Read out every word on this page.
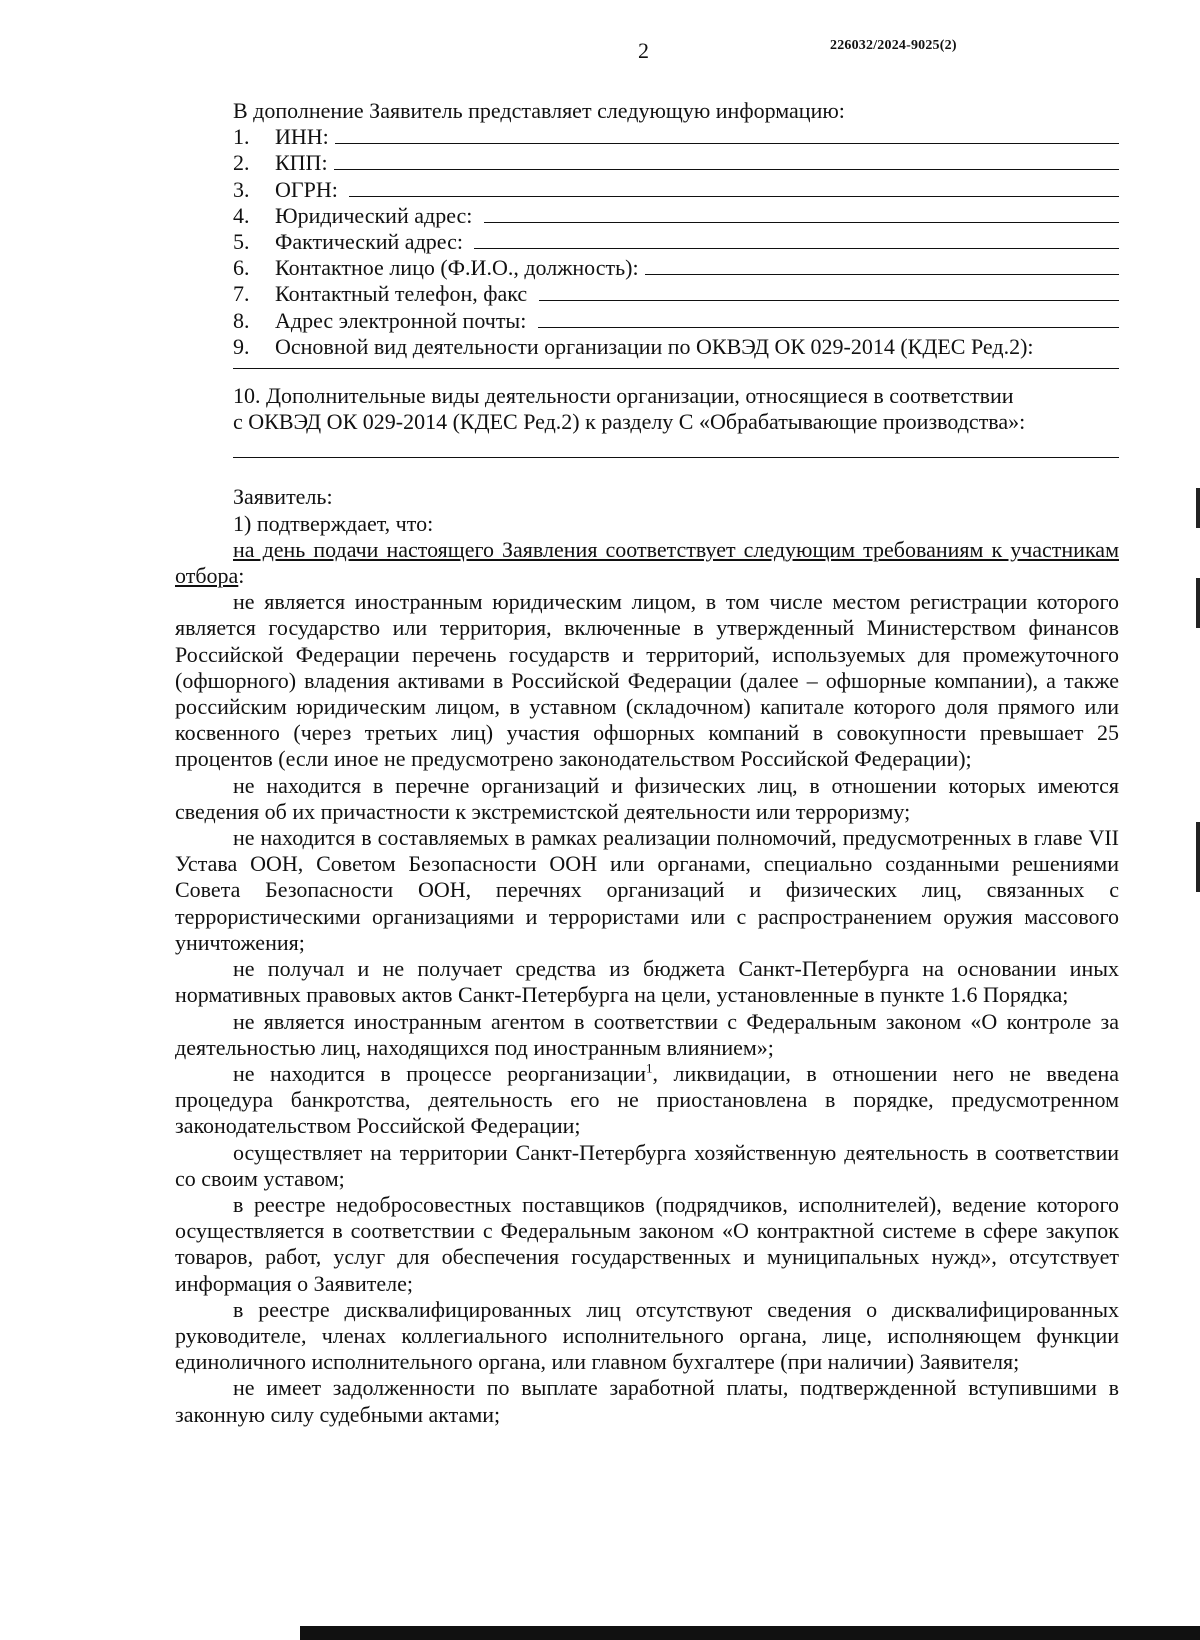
2	226032/2024-9025(2)
В дополнение Заявитель представляет следующую информацию:
1.	ИНН:
2.	КПП:
3.	ОГРН:
4.	Юридический адрес:
5.	Фактический адрес:
6.	Контактное лицо (Ф.И.О., должность):
7.	Контактный телефон, факс
8.	Адрес электронной почты:
9.	Основной вид деятельности организации по ОКВЭД ОК 029-2014 (КДЕС Ред.2):
10. Дополнительные виды деятельности организации, относящиеся в соответствии
с ОКВЭД ОК 029-2014 (КДЕС Ред.2) к разделу С «Обрабатывающие производства»:
Заявитель:
1) подтверждает, что:
на день подачи настоящего Заявления соответствует следующим требованиям к участникам отбора:

не является иностранным юридическим лицом, в том числе местом регистрации которого является государство или территория, включенные в утвержденный Министерством финансов Российской Федерации перечень государств и территорий, используемых для промежуточного (офшорного) владения активами в Российской Федерации (далее – офшорные компании), а также российским юридическим лицом, в уставном (складочном) капитале которого доля прямого или косвенного (через третьих лиц) участия офшорных компаний в совокупности превышает 25 процентов (если иное не предусмотрено законодательством Российской Федерации);

не находится в перечне организаций и физических лиц, в отношении которых имеются сведения об их причастности к экстремистской деятельности или терроризму;

не находится в составляемых в рамках реализации полномочий, предусмотренных в главе VII Устава ООН, Советом Безопасности ООН или органами, специально созданными решениями Совета Безопасности ООН, перечнях организаций и физических лиц, связанных с террористическими организациями и террористами или с распространением оружия массового уничтожения;

не получал и не получает средства из бюджета Санкт-Петербурга на основании иных нормативных правовых актов Санкт-Петербурга на цели, установленные в пункте 1.6 Порядка;

не является иностранным агентом в соответствии с Федеральным законом «О контроле за деятельностью лиц, находящихся под иностранным влиянием»;

не находится в процессе реорганизации$^1$, ликвидации, в отношении него не введена процедура банкротства, деятельность его не приостановлена в порядке, предусмотренном законодательством Российской Федерации;

осуществляет на территории Санкт-Петербурга хозяйственную деятельность в соответствии со своим уставом;

в реестре недобросовестных поставщиков (подрядчиков, исполнителей), ведение которого осуществляется в соответствии с Федеральным законом «О контрактной системе в сфере закупок товаров, работ, услуг для обеспечения государственных и муниципальных нужд», отсутствует информация о Заявителе;

в реестре дисквалифицированных лиц отсутствуют сведения о дисквалифицированных руководителе, членах коллегиального исполнительного органа, лице, исполняющем функции единоличного исполнительного органа, или главном бухгалтере (при наличии) Заявителя;

не имеет задолженности по выплате заработной платы, подтвержденной вступившими в законную силу судебными актами;
